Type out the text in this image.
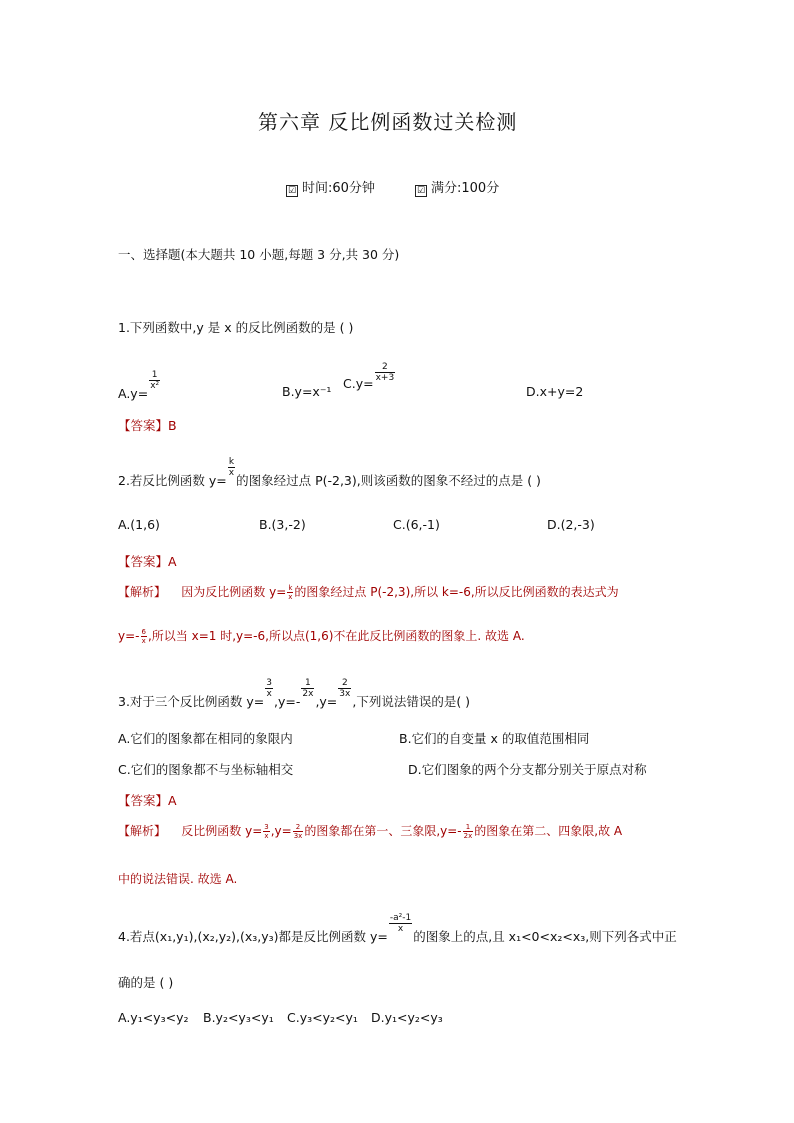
第六章 反比例函数过关检测
☑ 时间:60分钟	☑ 满分:100分
一、选择题(本大题共 10 小题,每题 3 分,共 30 分)
1.下列函数中,y 是 x 的反比例函数的是 ( )
A.y=
$\frac{1}{\text{x²}}$
B.y=x⁻¹
C.y=
$\frac{2}{x+3}$
D.x+y=2
【答案】B
2.若反比例函数 y=
$\frac{k}{x}$
的图象经过点 P(-2,3),则该函数的图象不经过的点是 ( )
A.(1,6)	B.(3,-2)	C.(6,-1)	D.(2,-3)
【答案】A
【解析】 因为反比例函数 $y= \frac{k}{x}$ 的图象经过点 P(-2,3),所以 k=-6,所以反比例函数的表达式为
$y=- \frac{6}{x}$ ,所以当 x=1 时,y=-6,所以点(1,6)不在此反比例函数的图象上. 故选 A.
3.对于三个反比例函数 y=
$\frac{3}{x}$
,y=-
$\frac{1}{2x}$
,y=
$\frac{2}{3x}$
,下列说法错误的是( )
A.它们的图象都在相同的象限内	B.它们的自变量 x 的取值范围相同
C.它们的图象都不与坐标轴相交	D.它们图象的两个分支都分别关于原点对称
【答案】A
【解析】 反比例函数 $y= \frac{3}{x} ,y= \frac{2}{3x}$ 的图象都在第一、三象限$,y=- \frac{1}{2x}$ 的图象在第二、四象限,故 A
中的说法错误. 故选 A.
4.若点(x₁,y₁),(x₂,y₂),(x₃,y₃)都是反比例函数 y=
$\frac{\text{-a²-1}}{x}$
的图象上的点,且 x₁<0<x₂<x₃,则下列各式中正
确的是 ( )
A.y₁<y₃<y₂ B.y₂<y₃<y₁ C.y₃<y₂<y₁ D.y₁<y₂<y₃
